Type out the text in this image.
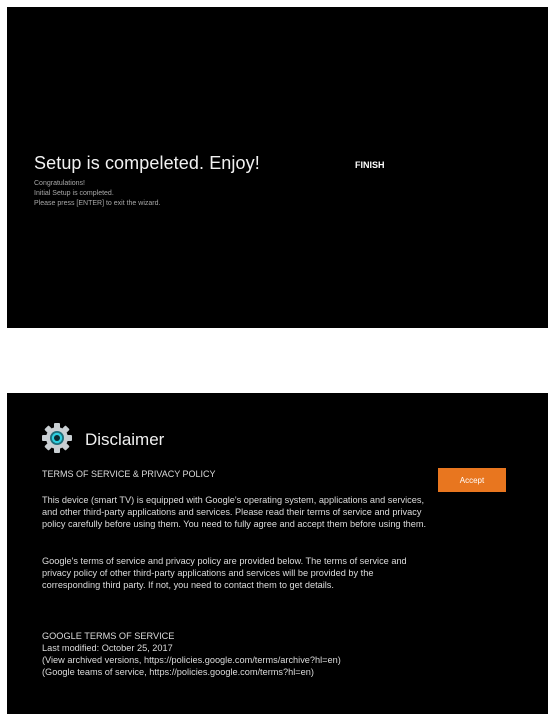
Setup is compeleted. Enjoy!
Congratulations!
Initial Setup is completed.
Please press [ENTER] to exit the wizard.
FINISH
Disclaimer
TERMS OF SERVICE & PRIVACY POLICY
This device (smart TV) is equipped with Google's operating system, applications and services, and other third-party applications and services. Please read their terms of service and privacy policy carefully before using them. You need to fully agree and accept them before using them.
Google's terms of service and privacy policy are provided below. The terms of service and privacy policy of other third-party applications and services will be provided by the corresponding third party. If not, you need to contact them to get details.
GOOGLE TERMS OF SERVICE
Last modified: October 25, 2017
(View archived versions, https://policies.google.com/terms/archive?hl=en)
(Google teams of service, https://policies.google.com/terms?hl=en)
Accept
